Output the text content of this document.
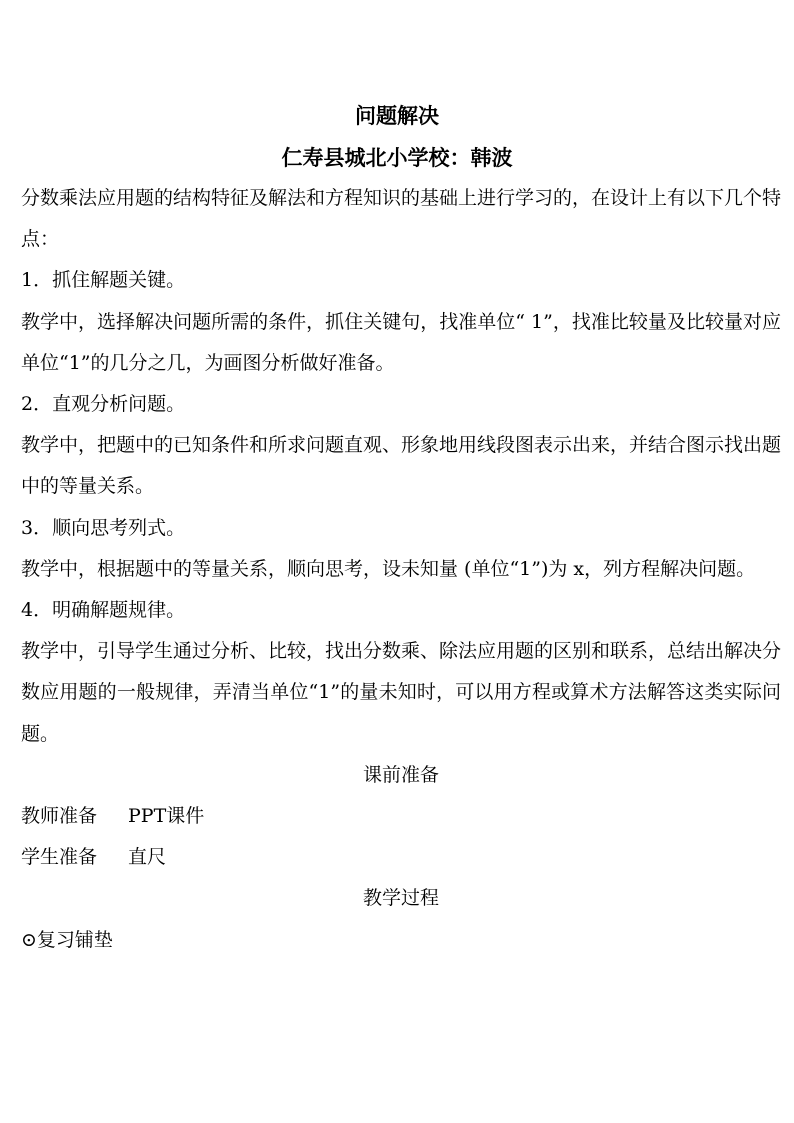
问题解决
仁寿县城北小学校：韩波

分数乘法应用题的结构特征及解法和方程知识的基础上进行学习的，在设计上有以下几个特点：

1．抓住解题关键。

教学中，选择解决问题所需的条件，抓住关键句，找准单位“ 1”，找准比较量及比较量对应单位“1”的几分之几，为画图分析做好准备。

2．直观分析问题。

教学中，把题中的已知条件和所求问题直观、形象地用线段图表示出来，并结合图示找出题中的等量关系。

3．顺向思考列式。

教学中，根据题中的等量关系，顺向思考，设未知量 (单位“1”)为 x，列方程解决问题。

4．明确解题规律。

教学中，引导学生通过分析、比较，找出分数乘、除法应用题的区别和联系，总结出解决分数应用题的一般规律，弄清当单位“1”的量未知时，可以用方程或算术方法解答这类实际问题。

课前准备

教师准备 PPT课件

学生准备 直尺

教学过程

⊙复习铺垫
